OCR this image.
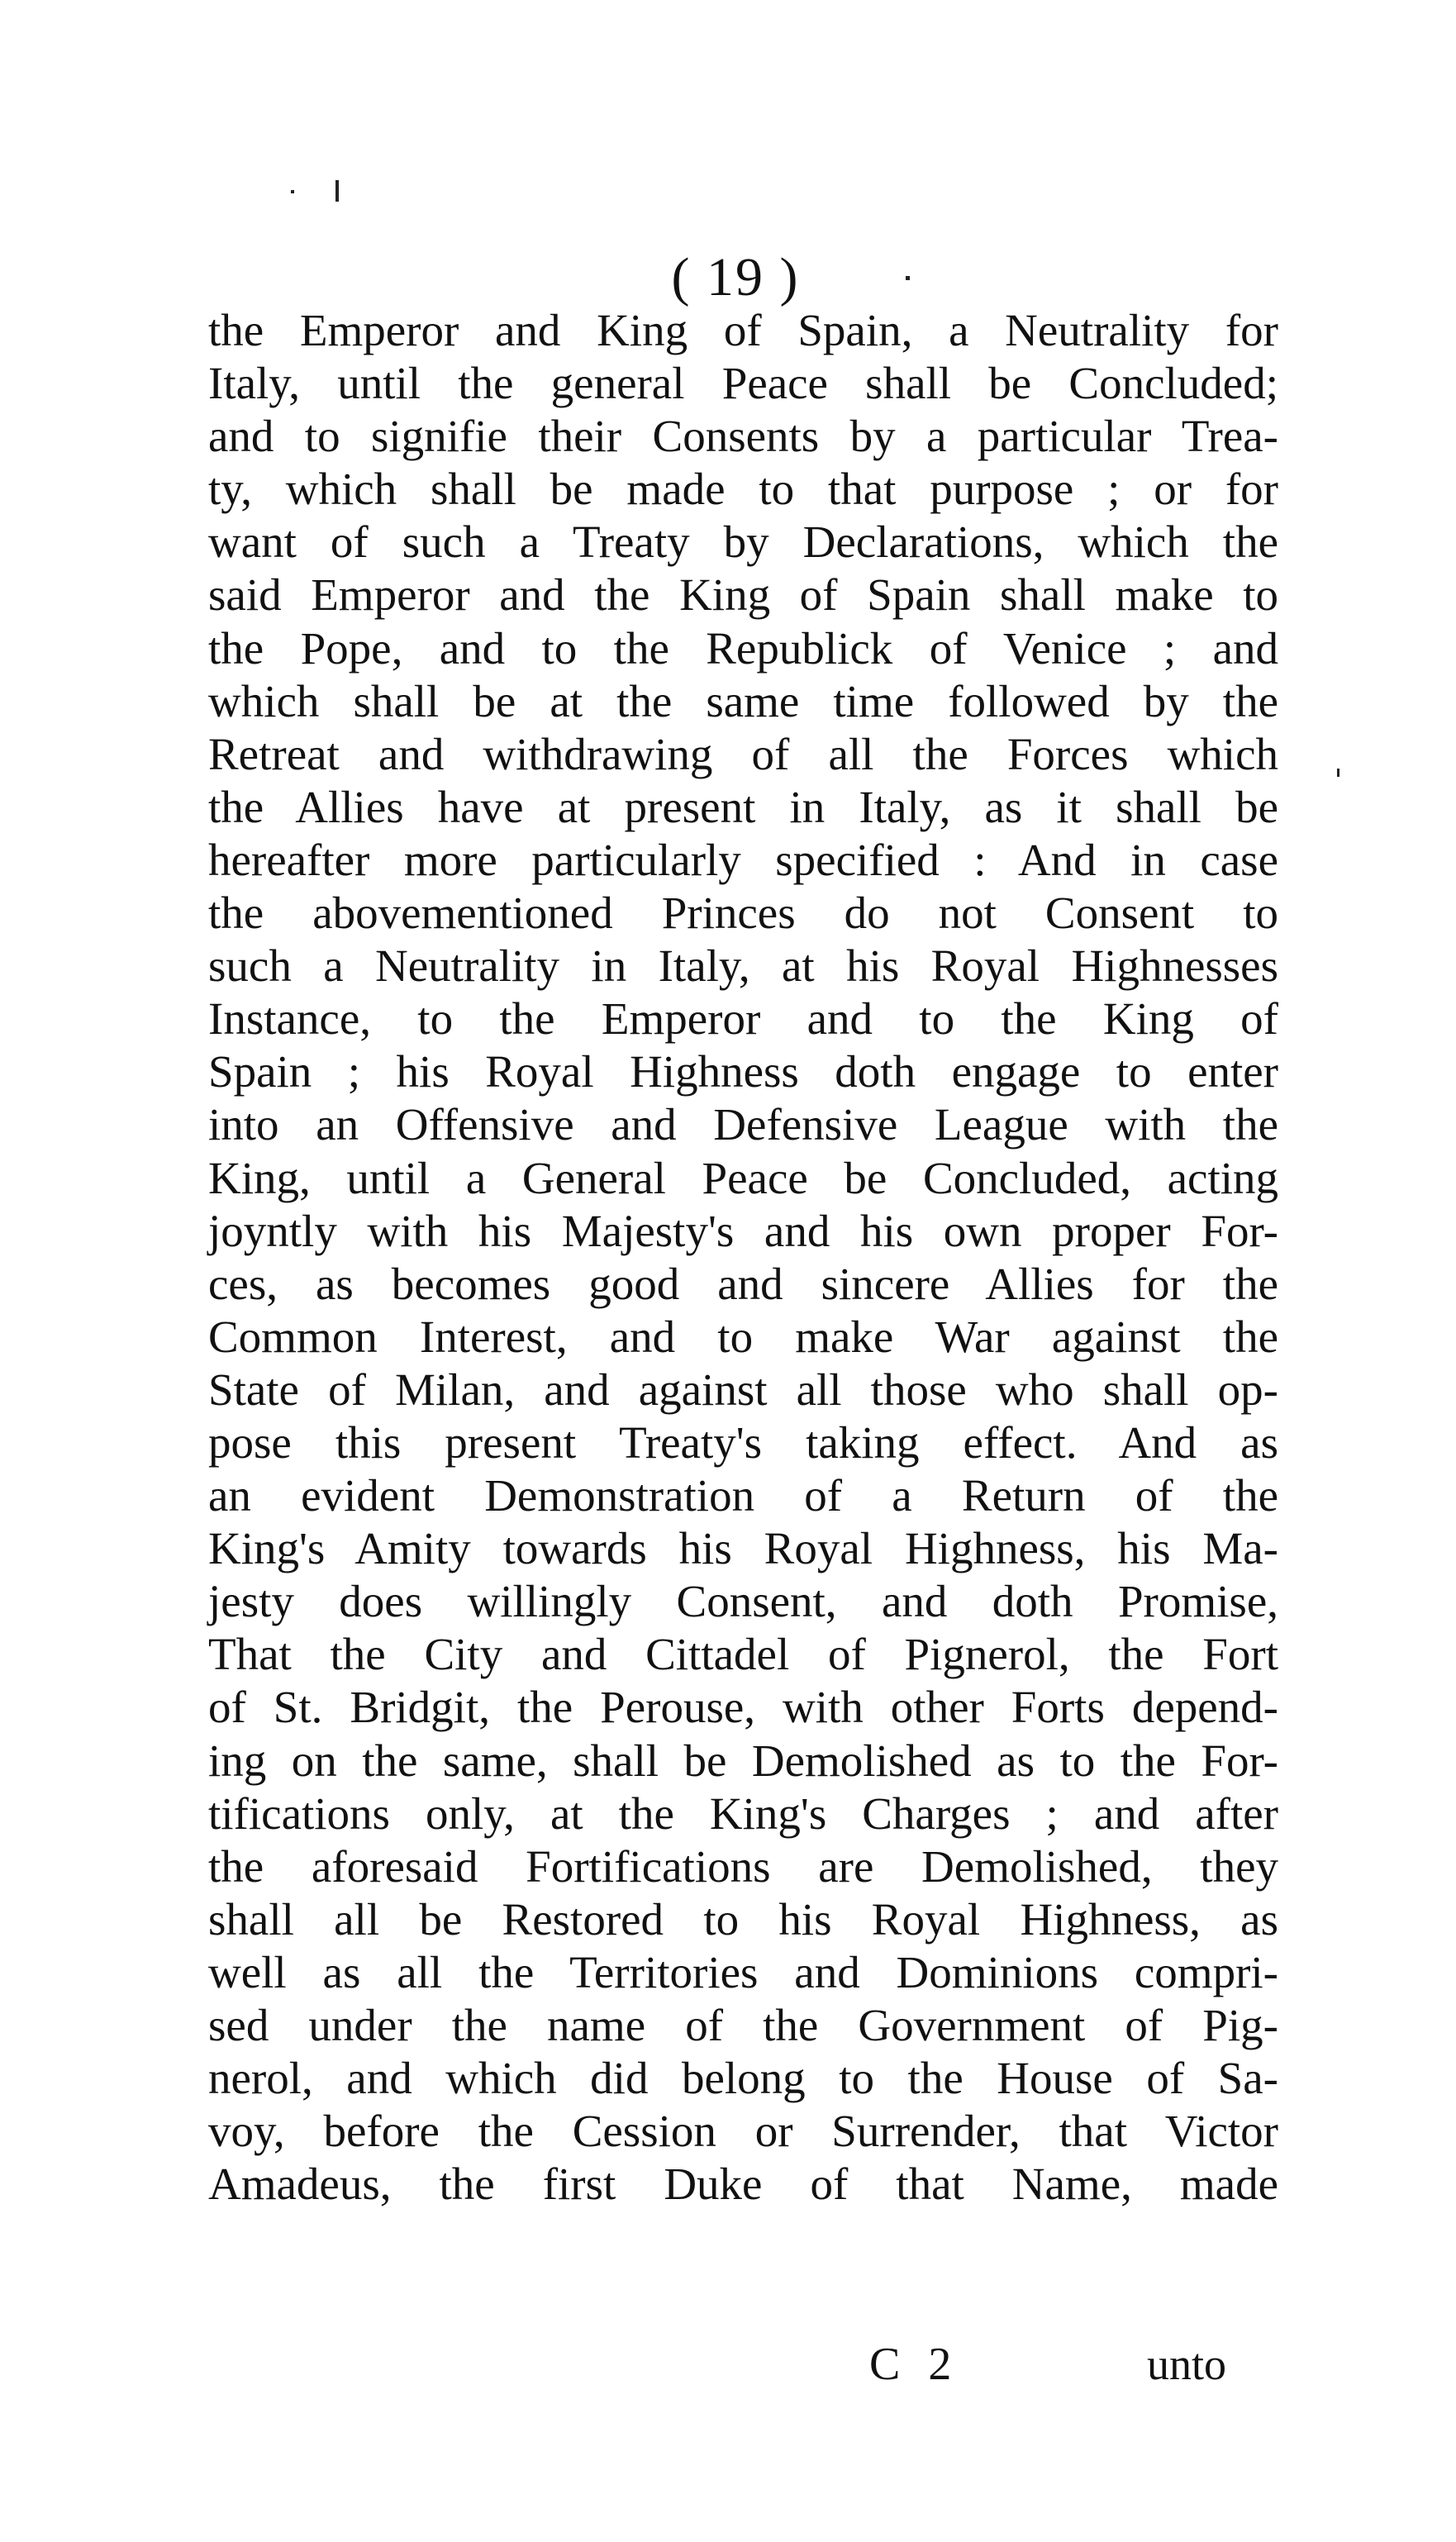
( 19 )
the Emperor and King of Spain, a Neutrality for
Italy, until the general Peace shall be Concluded;
and to signifie their Consents by a particular Trea-
ty, which shall be made to that purpose ; or for
want of such a Treaty by Declarations, which the
said Emperor and the King of Spain shall make to
the Pope, and to the Republick of Venice ; and
which shall be at the same time followed by the
Retreat and withdrawing of all the Forces which
the Allies have at present in Italy, as it shall be
hereafter more particularly specified : And in case
the abovementioned Princes do not Consent to
such a Neutrality in Italy, at his Royal Highnesses
Instance, to the Emperor and to the King of
Spain ; his Royal Highness doth engage to enter
into an Offensive and Defensive League with the
King, until a General Peace be Concluded, acting
joyntly with his Majesty's and his own proper For-
ces, as becomes good and sincere Allies for the
Common Interest, and to make War against the
State of Milan, and against all those who shall op-
pose this present Treaty's taking effect. And as
an evident Demonstration of a Return of the
King's Amity towards his Royal Highness, his Ma-
jesty does willingly Consent, and doth Promise,
That the City and Cittadel of Pignerol, the Fort
of St. Bridgit, the Perouse, with other Forts depend-
ing on the same, shall be Demolished as to the For-
tifications only, at the King's Charges ; and after
the aforesaid Fortifications are Demolished, they
shall all be Restored to his Royal Highness, as
well as all the Territories and Dominions compri-
sed under the name of the Government of Pig-
nerol, and which did belong to the House of Sa-
voy, before the Cession or Surrender, that Victor
Amadeus, the first Duke of that Name, made
C 2	unto
